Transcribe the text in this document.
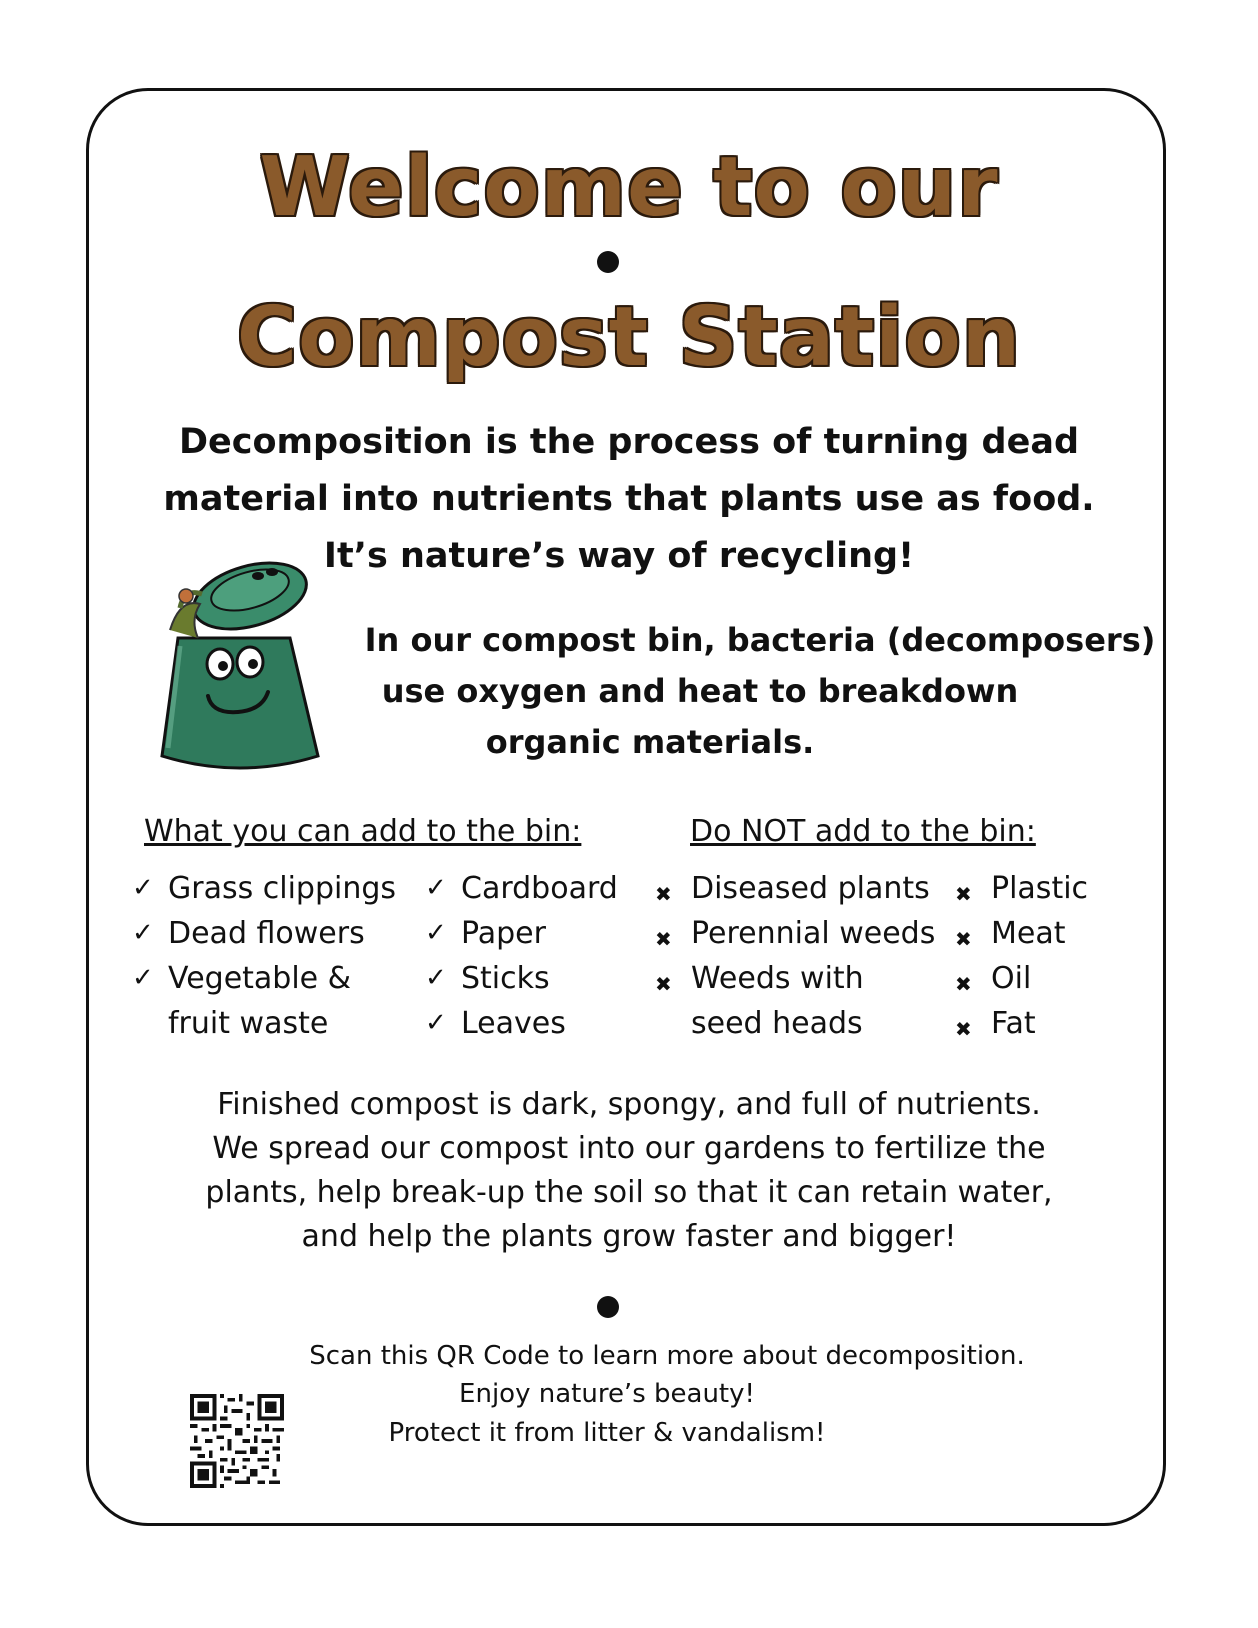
Welcome to our
Compost Station
Decomposition is the process of turning dead
material into nutrients that plants use as food.
It’s nature’s way of recycling!
In our compost bin, bacteria (decomposers)
use oxygen and heat to breakdown
organic materials.
What you can add to the bin:
✓ Grass clippings
✓ Dead flowers
✓ Vegetable &
fruit waste
✓ Cardboard
✓ Paper
✓ Sticks
✓ Leaves
Do NOT add to the bin:
✖ Diseased plants
✖ Perennial weeds
✖ Weeds with
seed heads
✖ Plastic
✖ Meat
✖ Oil
✖ Fat
Finished compost is dark, spongy, and full of nutrients.
We spread our compost into our gardens to fertilize the
plants, help break-up the soil so that it can retain water,
and help the plants grow faster and bigger!
Scan this QR Code to learn more about decomposition.
Enjoy nature’s beauty!
Protect it from litter & vandalism!
